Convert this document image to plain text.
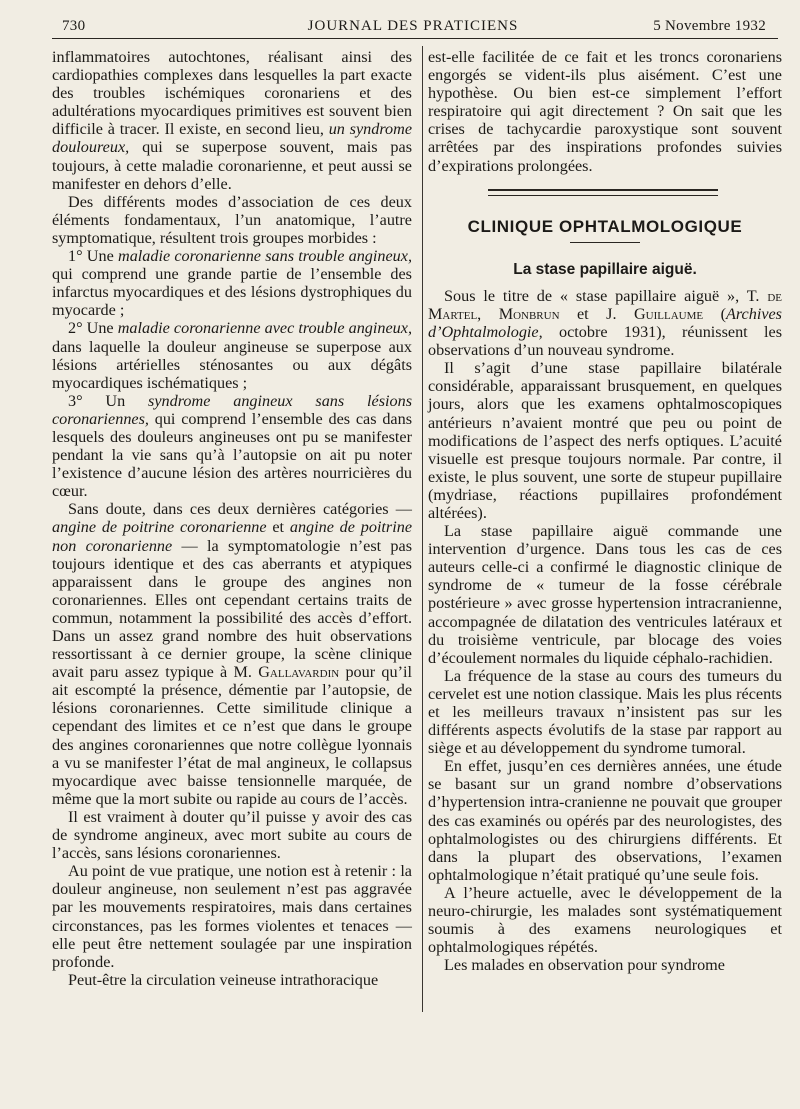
730	JOURNAL DES PRATICIENS	5 Novembre 1932

inflammatoires autochtones, réalisant ainsi des cardiopathies complexes dans lesquelles la part exacte des troubles ischémiques coronariens et des adultérations myocardiques primitives est souvent bien difficile à tracer. Il existe, en second lieu, un syndrome douloureux, qui se superpose souvent, mais pas toujours, à cette maladie coronarienne, et peut aussi se manifester en dehors d’elle.

Des différents modes d’association de ces deux éléments fondamentaux, l’un anatomique, l’autre symptomatique, résultent trois groupes morbides :

1° Une maladie coronarienne sans trouble angineux, qui comprend une grande partie de l’ensemble des infarctus myocardiques et des lésions dystrophiques du myocarde ;

2° Une maladie coronarienne avec trouble angineux, dans laquelle la douleur angineuse se superpose aux lésions artérielles sténosantes ou aux dégâts myocardiques ischématiques ;

3° Un syndrome angineux sans lésions coronariennes, qui comprend l’ensemble des cas dans lesquels des douleurs angineuses ont pu se manifester pendant la vie sans qu’à l’autopsie on ait pu noter l’existence d’aucune lésion des artères nourricières du cœur.

Sans doute, dans ces deux dernières catégories — angine de poitrine coronarienne et angine de poitrine non coronarienne — la symptomatologie n’est pas toujours identique et des cas aberrants et atypiques apparaissent dans le groupe des angines non coronariennes. Elles ont cependant certains traits de commun, notamment la possibilité des accès d’effort. Dans un assez grand nombre des huit observations ressortissant à ce dernier groupe, la scène clinique avait paru assez typique à M. Gallavardin pour qu’il ait escompté la présence, démentie par l’autopsie, de lésions coronariennes. Cette similitude clinique a cependant des limites et ce n’est que dans le groupe des angines coronariennes que notre collègue lyonnais a vu se manifester l’état de mal angineux, le collapsus myocardique avec baisse tensionnelle marquée, de même que la mort subite ou rapide au cours de l’accès.

Il est vraiment à douter qu’il puisse y avoir des cas de syndrome angineux, avec mort subite au cours de l’accès, sans lésions coronariennes.

Au point de vue pratique, une notion est à retenir : la douleur angineuse, non seulement n’est pas aggravée par les mouvements respiratoires, mais dans certaines circonstances, pas les formes violentes et tenaces — elle peut être nettement soulagée par une inspiration profonde.

Peut-être la circulation veineuse intrathoracique

est-elle facilitée de ce fait et les troncs coronariens engorgés se vident-ils plus aisément. C’est une hypothèse. Ou bien est-ce simplement l’effort respiratoire qui agit directement ? On sait que les crises de tachycardie paroxystique sont souvent arrêtées par des inspirations profondes suivies d’expirations prolongées.

CLINIQUE OPHTALMOLOGIQUE
La stase papillaire aiguë.

Sous le titre de « stase papillaire aiguë », T. de Martel, Monbrun et J. Guillaume (Archives d’Ophtalmologie, octobre 1931), réunissent les observations d’un nouveau syndrome.

Il s’agit d’une stase papillaire bilatérale considérable, apparaissant brusquement, en quelques jours, alors que les examens ophtalmoscopiques antérieurs n’avaient montré que peu ou point de modifications de l’aspect des nerfs optiques. L’acuité visuelle est presque toujours normale. Par contre, il existe, le plus souvent, une sorte de stupeur pupillaire (mydriase, réactions pupillaires profondément altérées).

La stase papillaire aiguë commande une intervention d’urgence. Dans tous les cas de ces auteurs celle-ci a confirmé le diagnostic clinique de syndrome de « tumeur de la fosse cérébrale postérieure » avec grosse hypertension intracranienne, accompagnée de dilatation des ventricules latéraux et du troisième ventricule, par blocage des voies d’écoulement normales du liquide céphalo-rachidien.

La fréquence de la stase au cours des tumeurs du cervelet est une notion classique. Mais les plus récents et les meilleurs travaux n’insistent pas sur les différents aspects évolutifs de la stase par rapport au siège et au développement du syndrome tumoral.

En effet, jusqu’en ces dernières années, une étude se basant sur un grand nombre d’observations d’hypertension intra-cranienne ne pouvait que grouper des cas examinés ou opérés par des neurologistes, des ophtalmologistes ou des chirurgiens différents. Et dans la plupart des observations, l’examen ophtalmologique n’était pratiqué qu’une seule fois.

A l’heure actuelle, avec le développement de la neuro-chirurgie, les malades sont systématiquement soumis à des examens neurologiques et ophtalmologiques répétés.

Les malades en observation pour syndrome
